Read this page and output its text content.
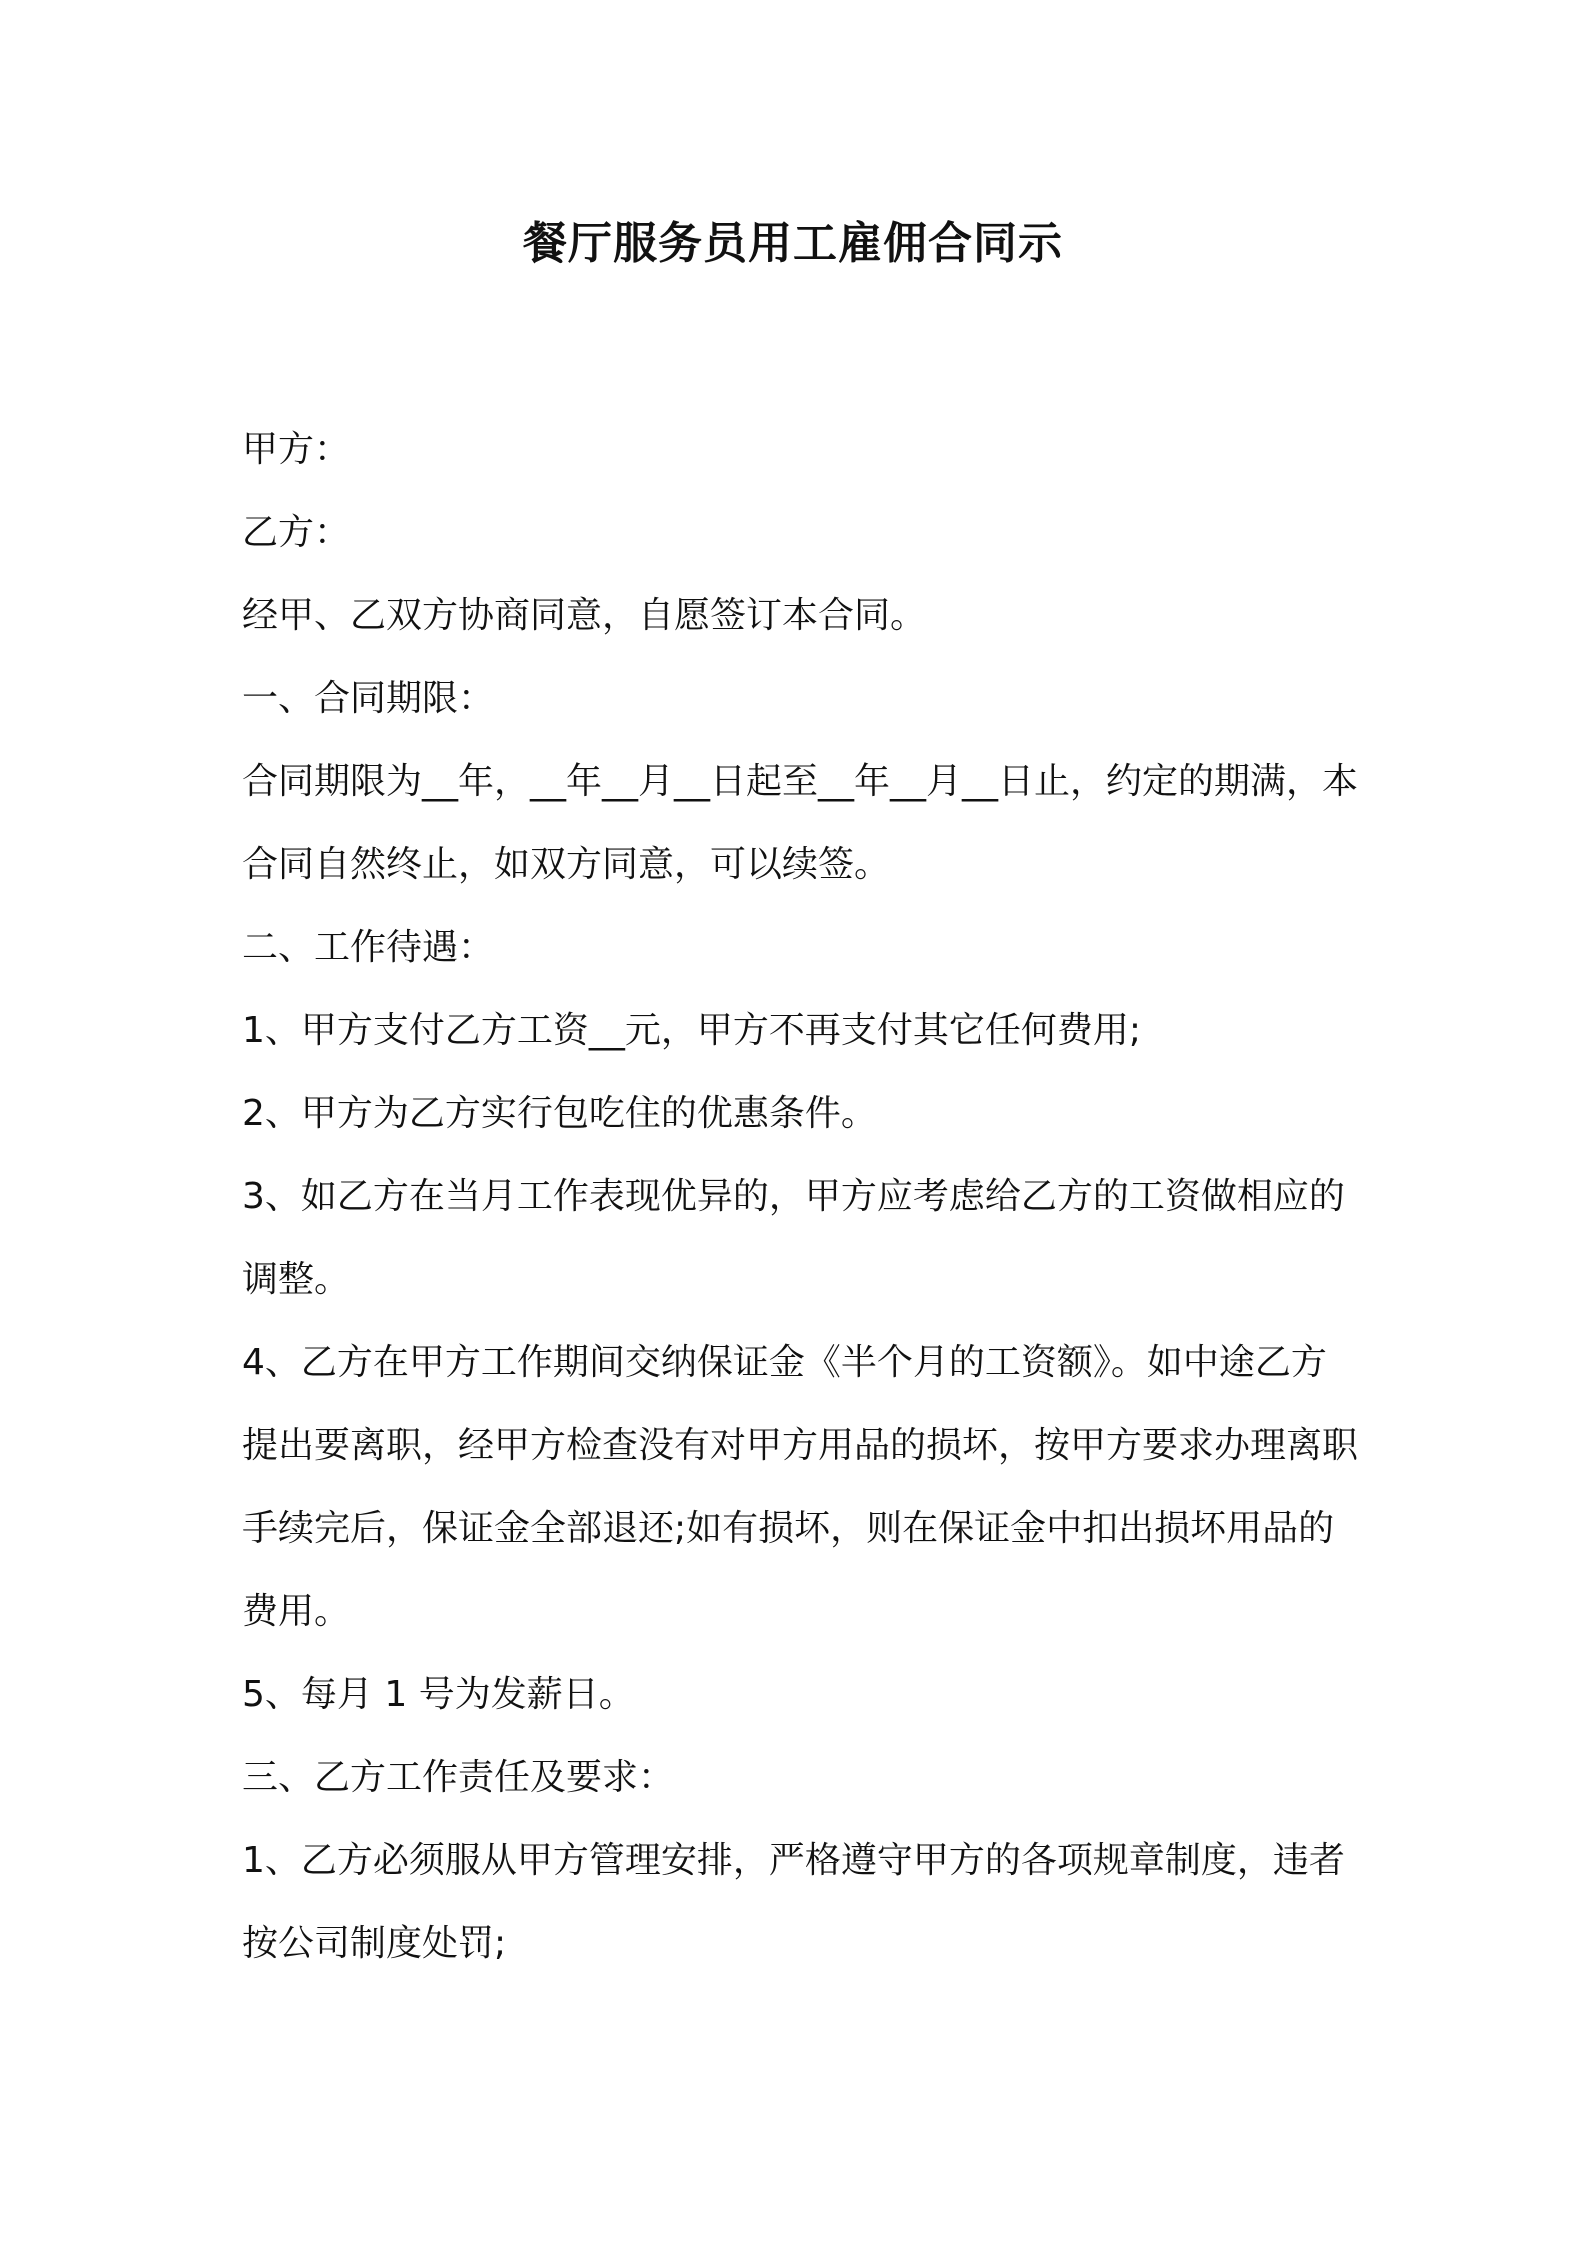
餐厅服务员用工雇佣合同示

甲方：

乙方：

经甲、乙双方协商同意，自愿签订本合同。

一、合同期限：

合同期限为__年，__年__月__日起至__年__月__日止，约定的期满，本合同自然终止，如双方同意，可以续签。

二、工作待遇：

1、甲方支付乙方工资__元，甲方不再支付其它任何费用;

2、甲方为乙方实行包吃住的优惠条件。

3、如乙方在当月工作表现优异的，甲方应考虑给乙方的工资做相应的调整。

4、乙方在甲方工作期间交纳保证金《半个月的工资额》。如中途乙方提出要离职，经甲方检查没有对甲方用品的损坏，按甲方要求办理离职手续完后，保证金全部退还;如有损坏，则在保证金中扣出损坏用品的费用。

5、每月 1 号为发薪日。

三、乙方工作责任及要求：

1、乙方必须服从甲方管理安排，严格遵守甲方的各项规章制度，违者按公司制度处罚;
